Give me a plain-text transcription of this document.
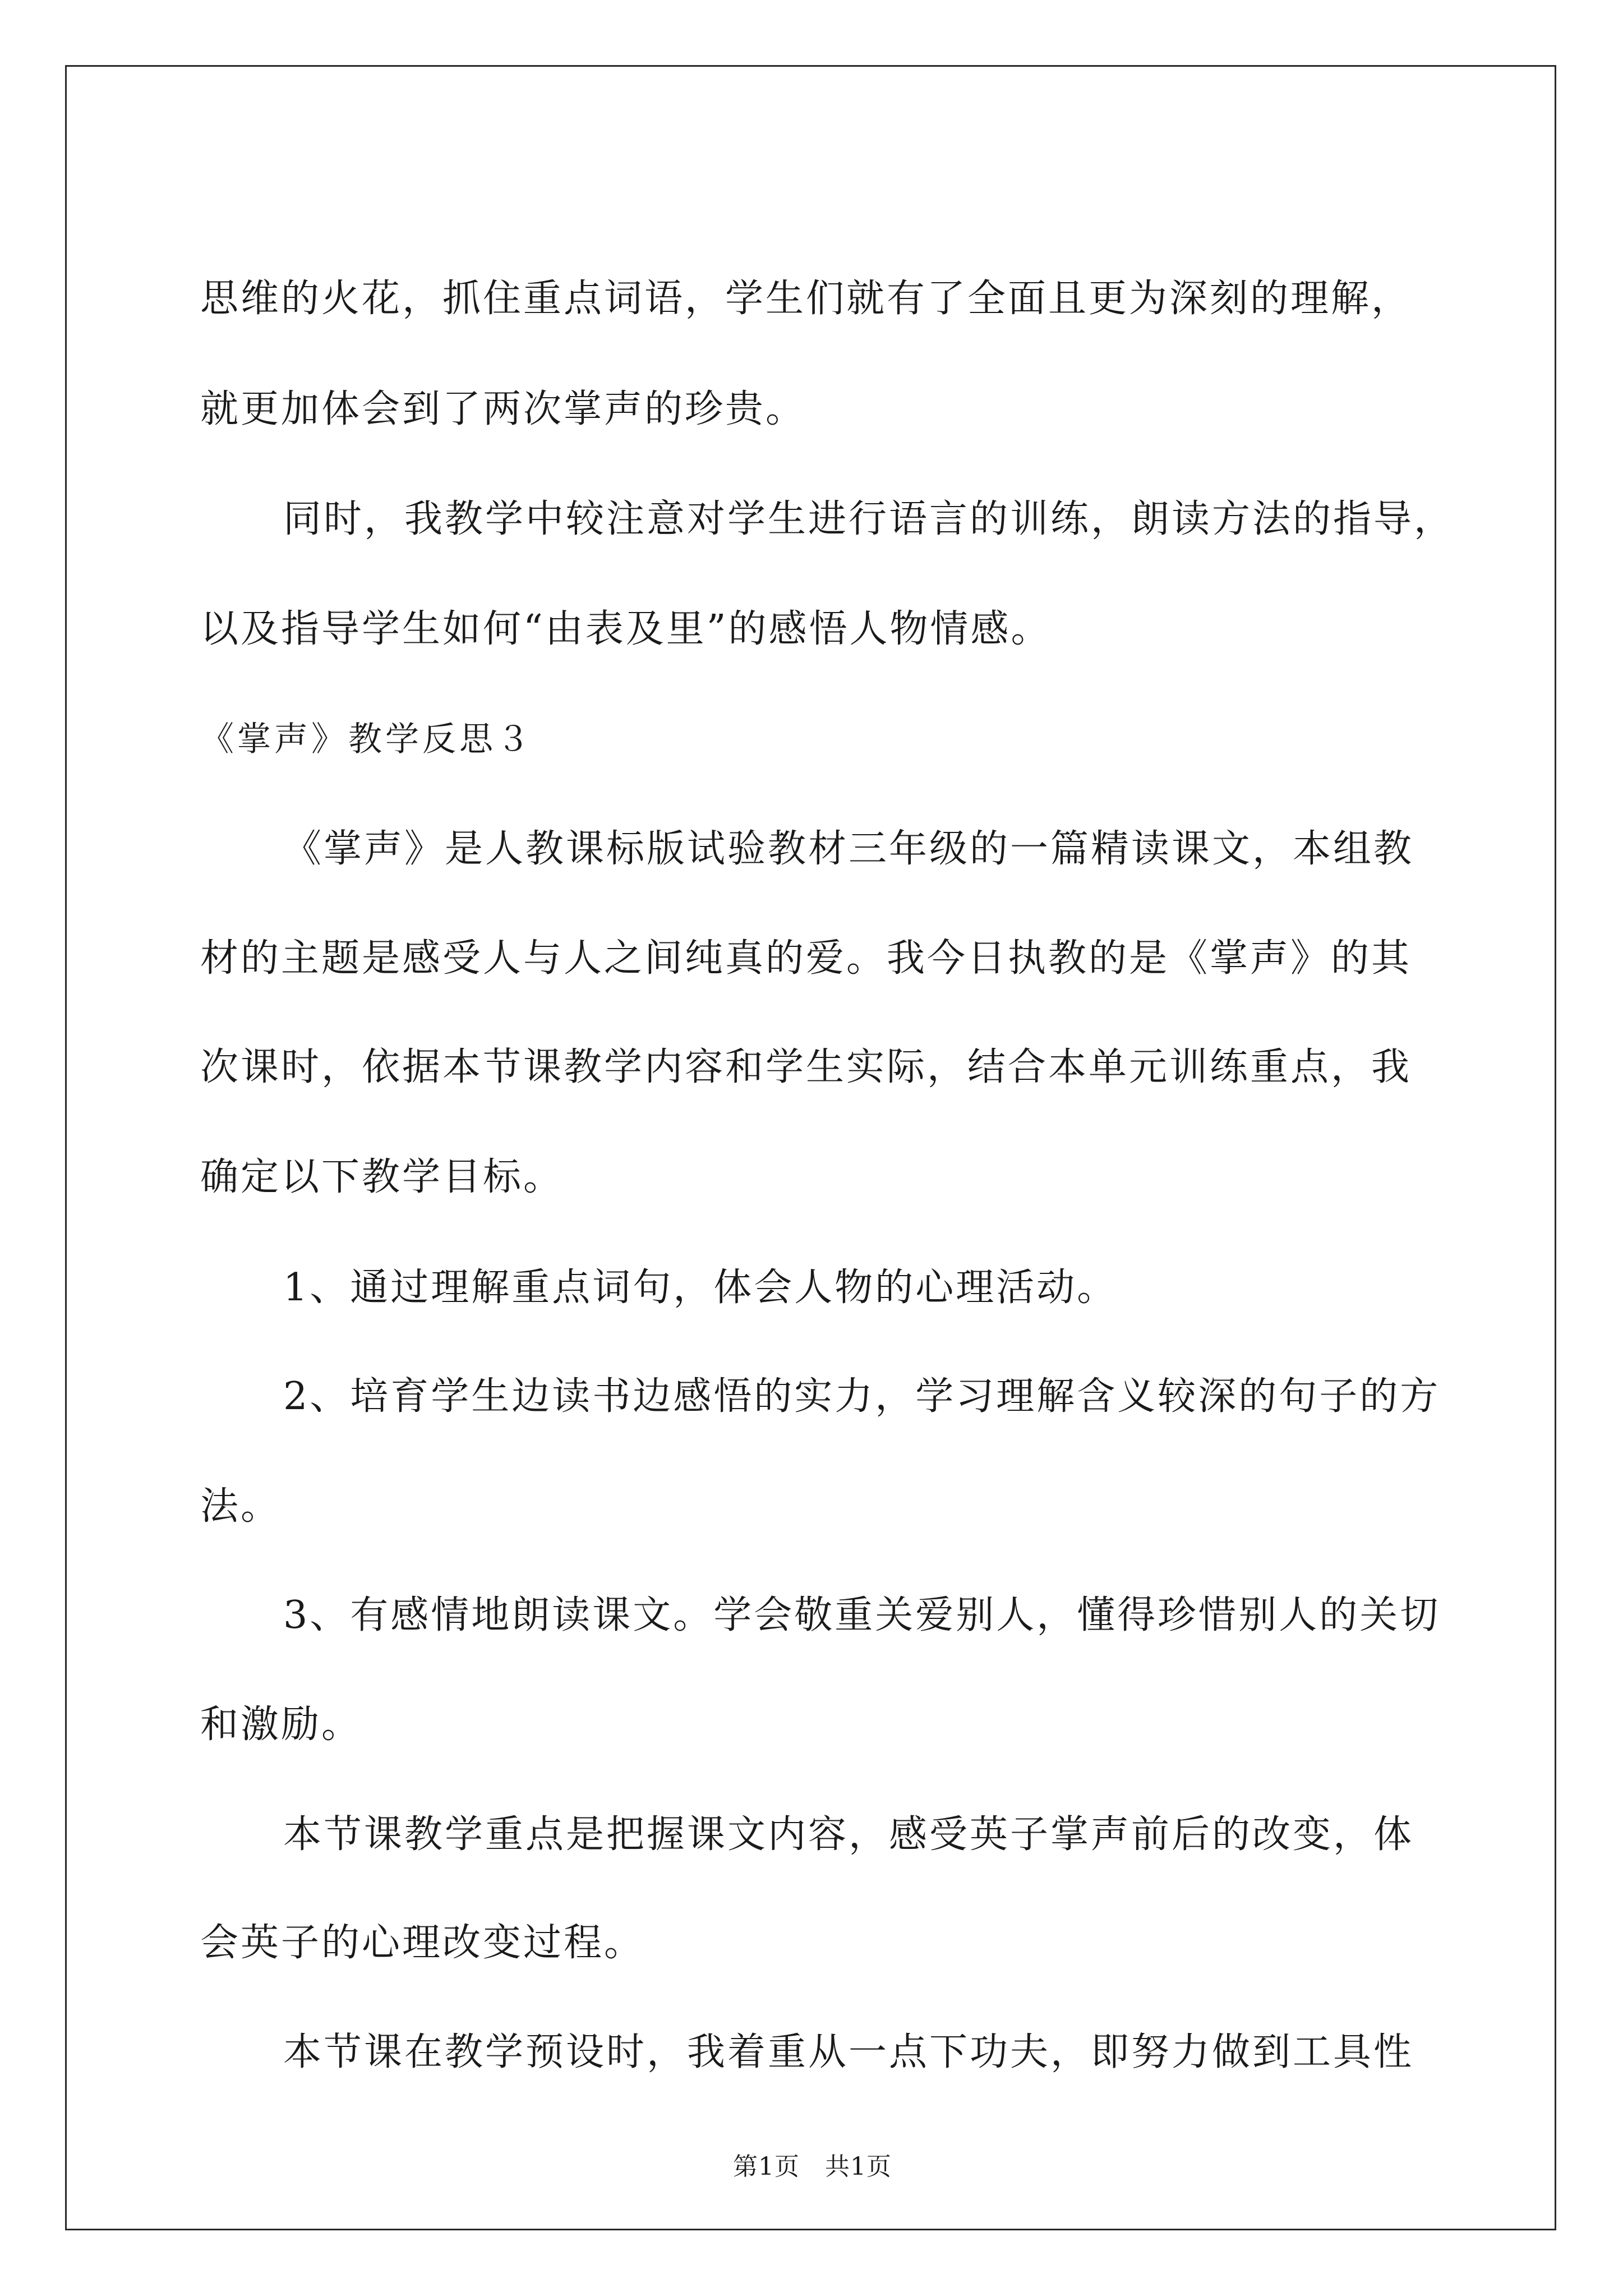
思维的火花，抓住重点词语，学生们就有了全面且更为深刻的理解，
就更加体会到了两次掌声的珍贵。
同时，我教学中较注意对学生进行语言的训练，朗读方法的指导，
以及指导学生如何“由表及里”的感悟人物情感。
《掌声》教学反思３
《掌声》是人教课标版试验教材三年级的一篇精读课文，本组教
材的主题是感受人与人之间纯真的爱。我今日执教的是《掌声》的其
次课时，依据本节课教学内容和学生实际，结合本单元训练重点，我
确定以下教学目标。
1、通过理解重点词句，体会人物的心理活动。
2、培育学生边读书边感悟的实力，学习理解含义较深的句子的方
法。
3、有感情地朗读课文。学会敬重关爱别人，懂得珍惜别人的关切
和激励。
本节课教学重点是把握课文内容，感受英子掌声前后的改变，体
会英子的心理改变过程。
本节课在教学预设时，我着重从一点下功夫，即努力做到工具性
第1页   共1页
